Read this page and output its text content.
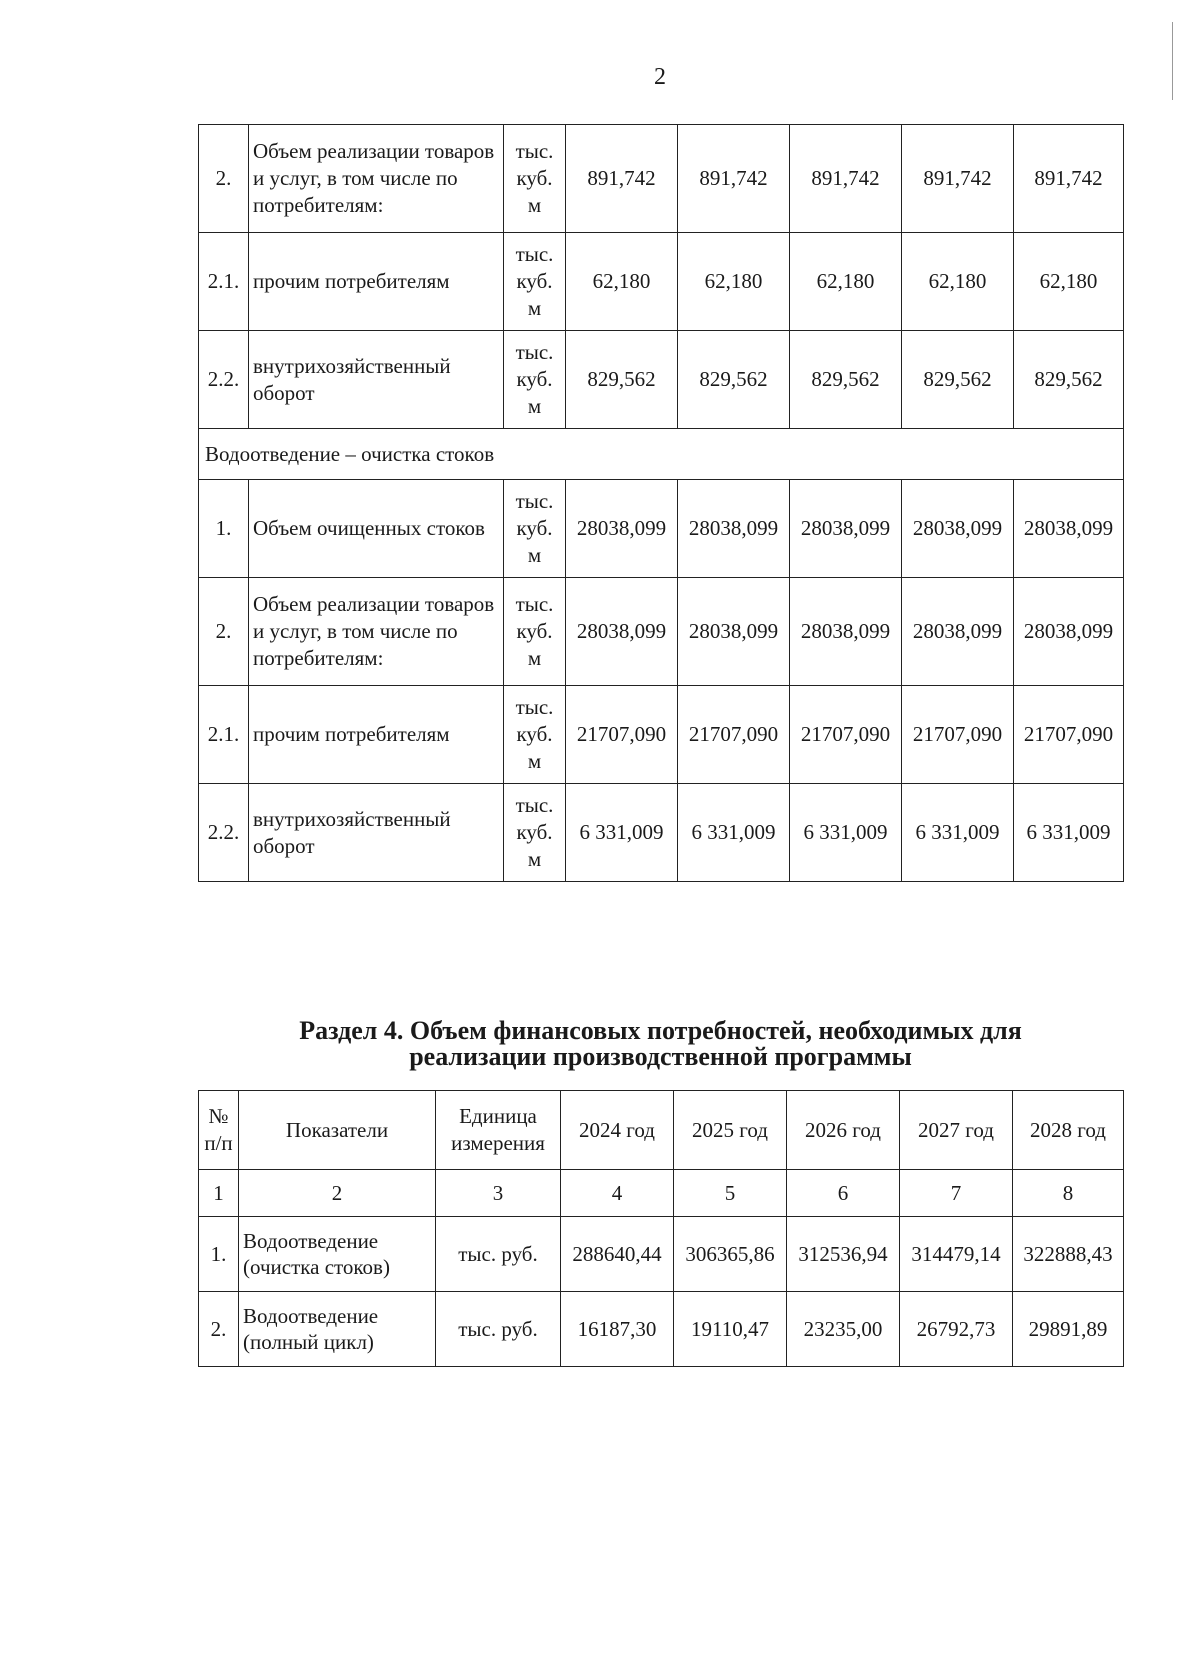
2
2.	Объем реализации товаров и услуг, в том числе по потребителям:	тыс. куб. м	891,742	891,742	891,742	891,742	891,742
2.1.	прочим потребителям	тыс. куб. м	62,180	62,180	62,180	62,180	62,180
2.2.	внутрихозяйственный оборот	тыс. куб. м	829,562	829,562	829,562	829,562	829,562
Водоотведение – очистка стоков							
1.	Объем очищенных стоков	тыс. куб. м	28038,099	28038,099	28038,099	28038,099	28038,099
2.	Объем реализации товаров и услуг, в том числе по потребителям:	тыс. куб. м	28038,099	28038,099	28038,099	28038,099	28038,099
2.1.	прочим потребителям	тыс. куб. м	21707,090	21707,090	21707,090	21707,090	21707,090
2.2.	внутрихозяйственный оборот	тыс. куб. м	6 331,009	6 331,009	6 331,009	6 331,009	6 331,009
Раздел 4. Объем финансовых потребностей, необходимых для
реализации производственной программы
№ п/п	Показатели	Единица измерения	2024 год	2025 год	2026 год	2027 год	2028 год
1	2	3	4	5	6	7	8
1.	Водоотведение (очистка стоков)	тыс. руб.	288640,44	306365,86	312536,94	314479,14	322888,43
2.	Водоотведение (полный цикл)	тыс. руб.	16187,30	19110,47	23235,00	26792,73	29891,89
